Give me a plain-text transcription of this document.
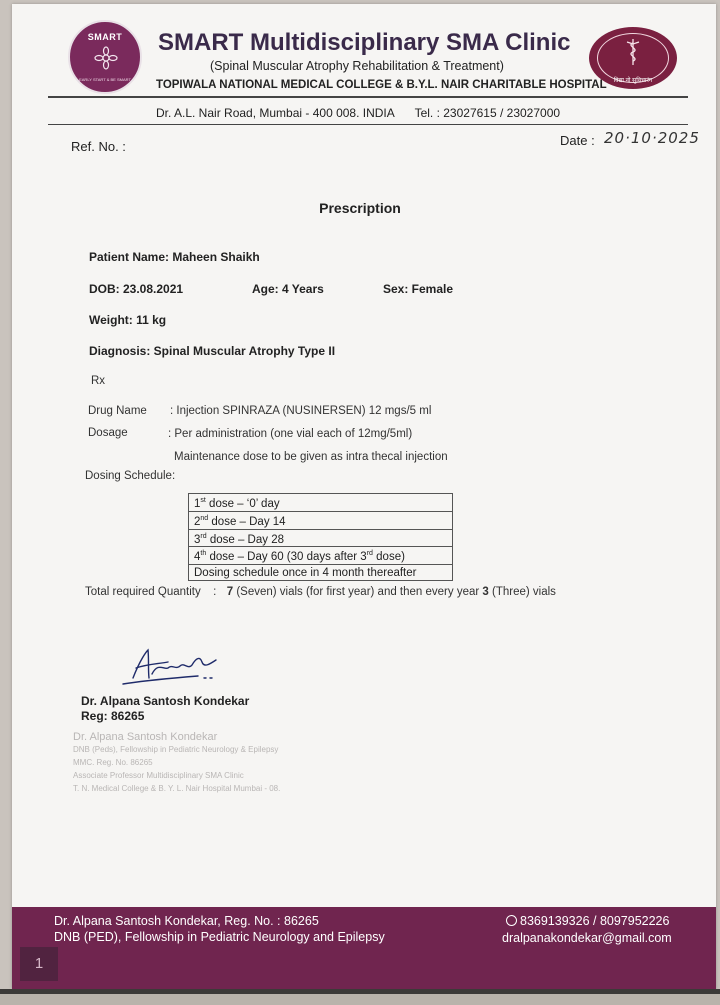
SMART
EARLY START & BE SMART
SMART Multidisciplinary SMA Clinic
(Spinal Muscular Atrophy Rehabilitation & Treatment)
TOPIWALA NATIONAL MEDICAL COLLEGE & B.Y.L. NAIR CHARITABLE HOSPITAL	विद्या नो सुविचारंग
Dr. A.L. Nair Road, Mumbai - 400 008. INDIA Tel. : 23027615 / 23027000
Ref. No. :	Date : 20·10·2025
Prescription
Patient Name: Maheen Shaikh
DOB: 23.08.2021	Age: 4 Years	Sex: Female
Weight: 11 kg
Diagnosis: Spinal Muscular Atrophy Type II
Rx
Drug Name : Injection SPINRAZA (NUSINERSEN) 12 mgs/5 ml
Dosage	: Per administration (one vial each of 12mg/5ml)
Maintenance dose to be given as intra thecal injection
Dosing Schedule:
1st dose – ‘0’ day
2nd dose – Day 14
3rd dose – Day 28
4th dose – Day 60 (30 days after 3rd dose)
Dosing schedule once in 4 month thereafter
Total required Quantity : 7 (Seven) vials (for first year) and then every year 3 (Three) vials
Dr. Alpana Santosh Kondekar
Reg: 86265
Dr. Alpana Santosh Kondekar
DNB (Peds), Fellowship in Pediatric Neurology & Epilepsy
MMC. Reg. No. 86265
Associate Professor Multidisciplinary SMA Clinic
T. N. Medical College & B. Y. L. Nair Hospital Mumbai - 08.
Dr. Alpana Santosh Kondekar, Reg. No. : 86265
DNB (PED), Fellowship in Pediatric Neurology and Epilepsy
8369139326 / 8097952226
dralpanakondekar@gmail.com
1
